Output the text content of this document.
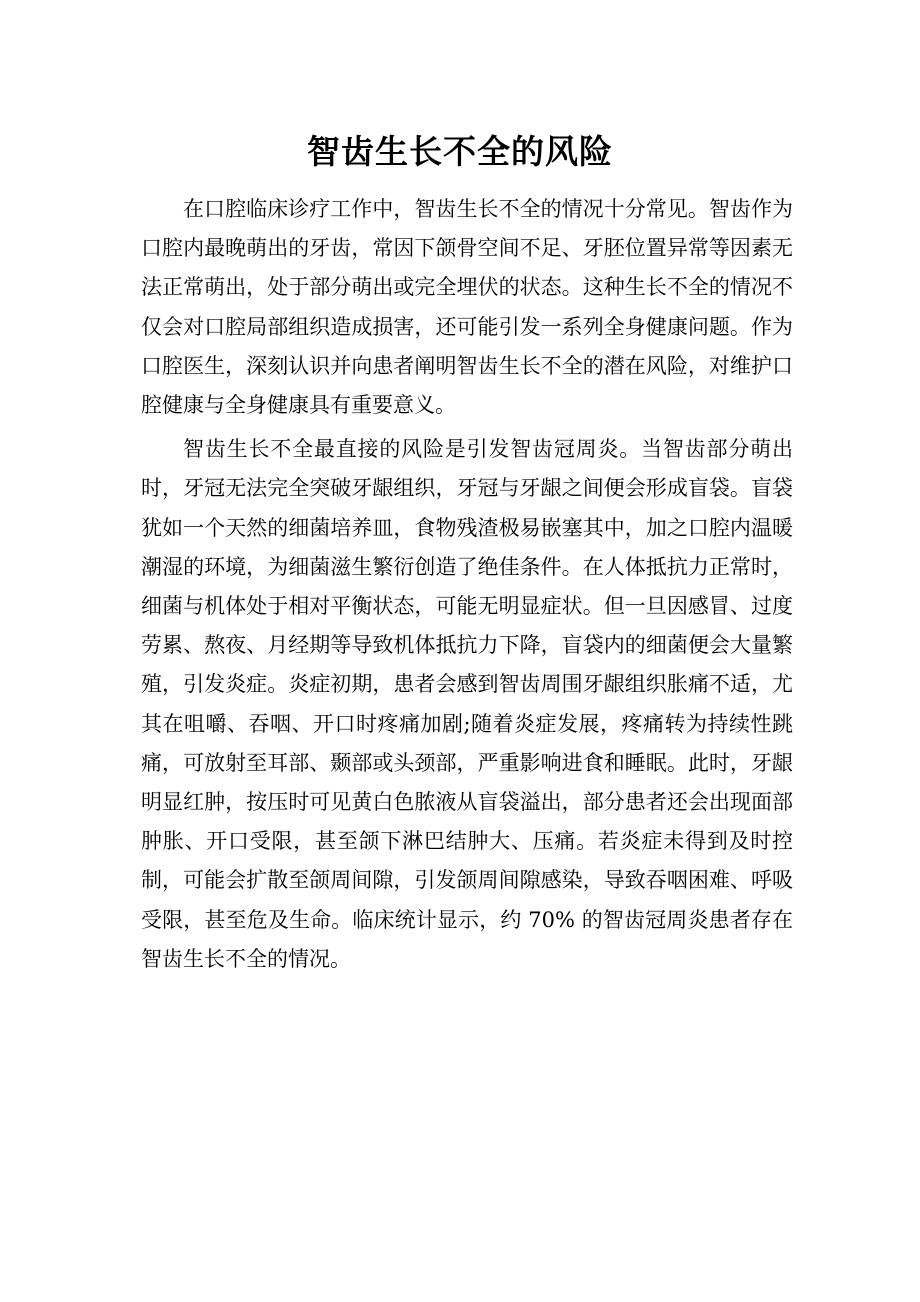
智齿生长不全的风险

在口腔临床诊疗工作中，智齿生长不全的情况十分常见。智齿作为口腔内最晚萌出的牙齿，常因下颌骨空间不足、牙胚位置异常等因素无法正常萌出，处于部分萌出或完全埋伏的状态。这种生长不全的情况不仅会对口腔局部组织造成损害，还可能引发一系列全身健康问题。作为口腔医生，深刻认识并向患者阐明智齿生长不全的潜在风险，对维护口腔健康与全身健康具有重要意义。

智齿生长不全最直接的风险是引发智齿冠周炎。当智齿部分萌出时，牙冠无法完全突破牙龈组织，牙冠与牙龈之间便会形成盲袋。盲袋犹如一个天然的细菌培养皿，食物残渣极易嵌塞其中，加之口腔内温暖潮湿的环境，为细菌滋生繁衍创造了绝佳条件。在人体抵抗力正常时，细菌与机体处于相对平衡状态，可能无明显症状。但一旦因感冒、过度劳累、熬夜、月经期等导致机体抵抗力下降，盲袋内的细菌便会大量繁殖，引发炎症。炎症初期，患者会感到智齿周围牙龈组织胀痛不适，尤其在咀嚼、吞咽、开口时疼痛加剧;随着炎症发展，疼痛转为持续性跳痛，可放射至耳部、颞部或头颈部，严重影响进食和睡眠。此时，牙龈明显红肿，按压时可见黄白色脓液从盲袋溢出，部分患者还会出现面部肿胀、开口受限，甚至颌下淋巴结肿大、压痛。若炎症未得到及时控制，可能会扩散至颌周间隙，引发颌周间隙感染，导致吞咽困难、呼吸受限，甚至危及生命。临床统计显示，约 70% 的智齿冠周炎患者存在智齿生长不全的情况。
